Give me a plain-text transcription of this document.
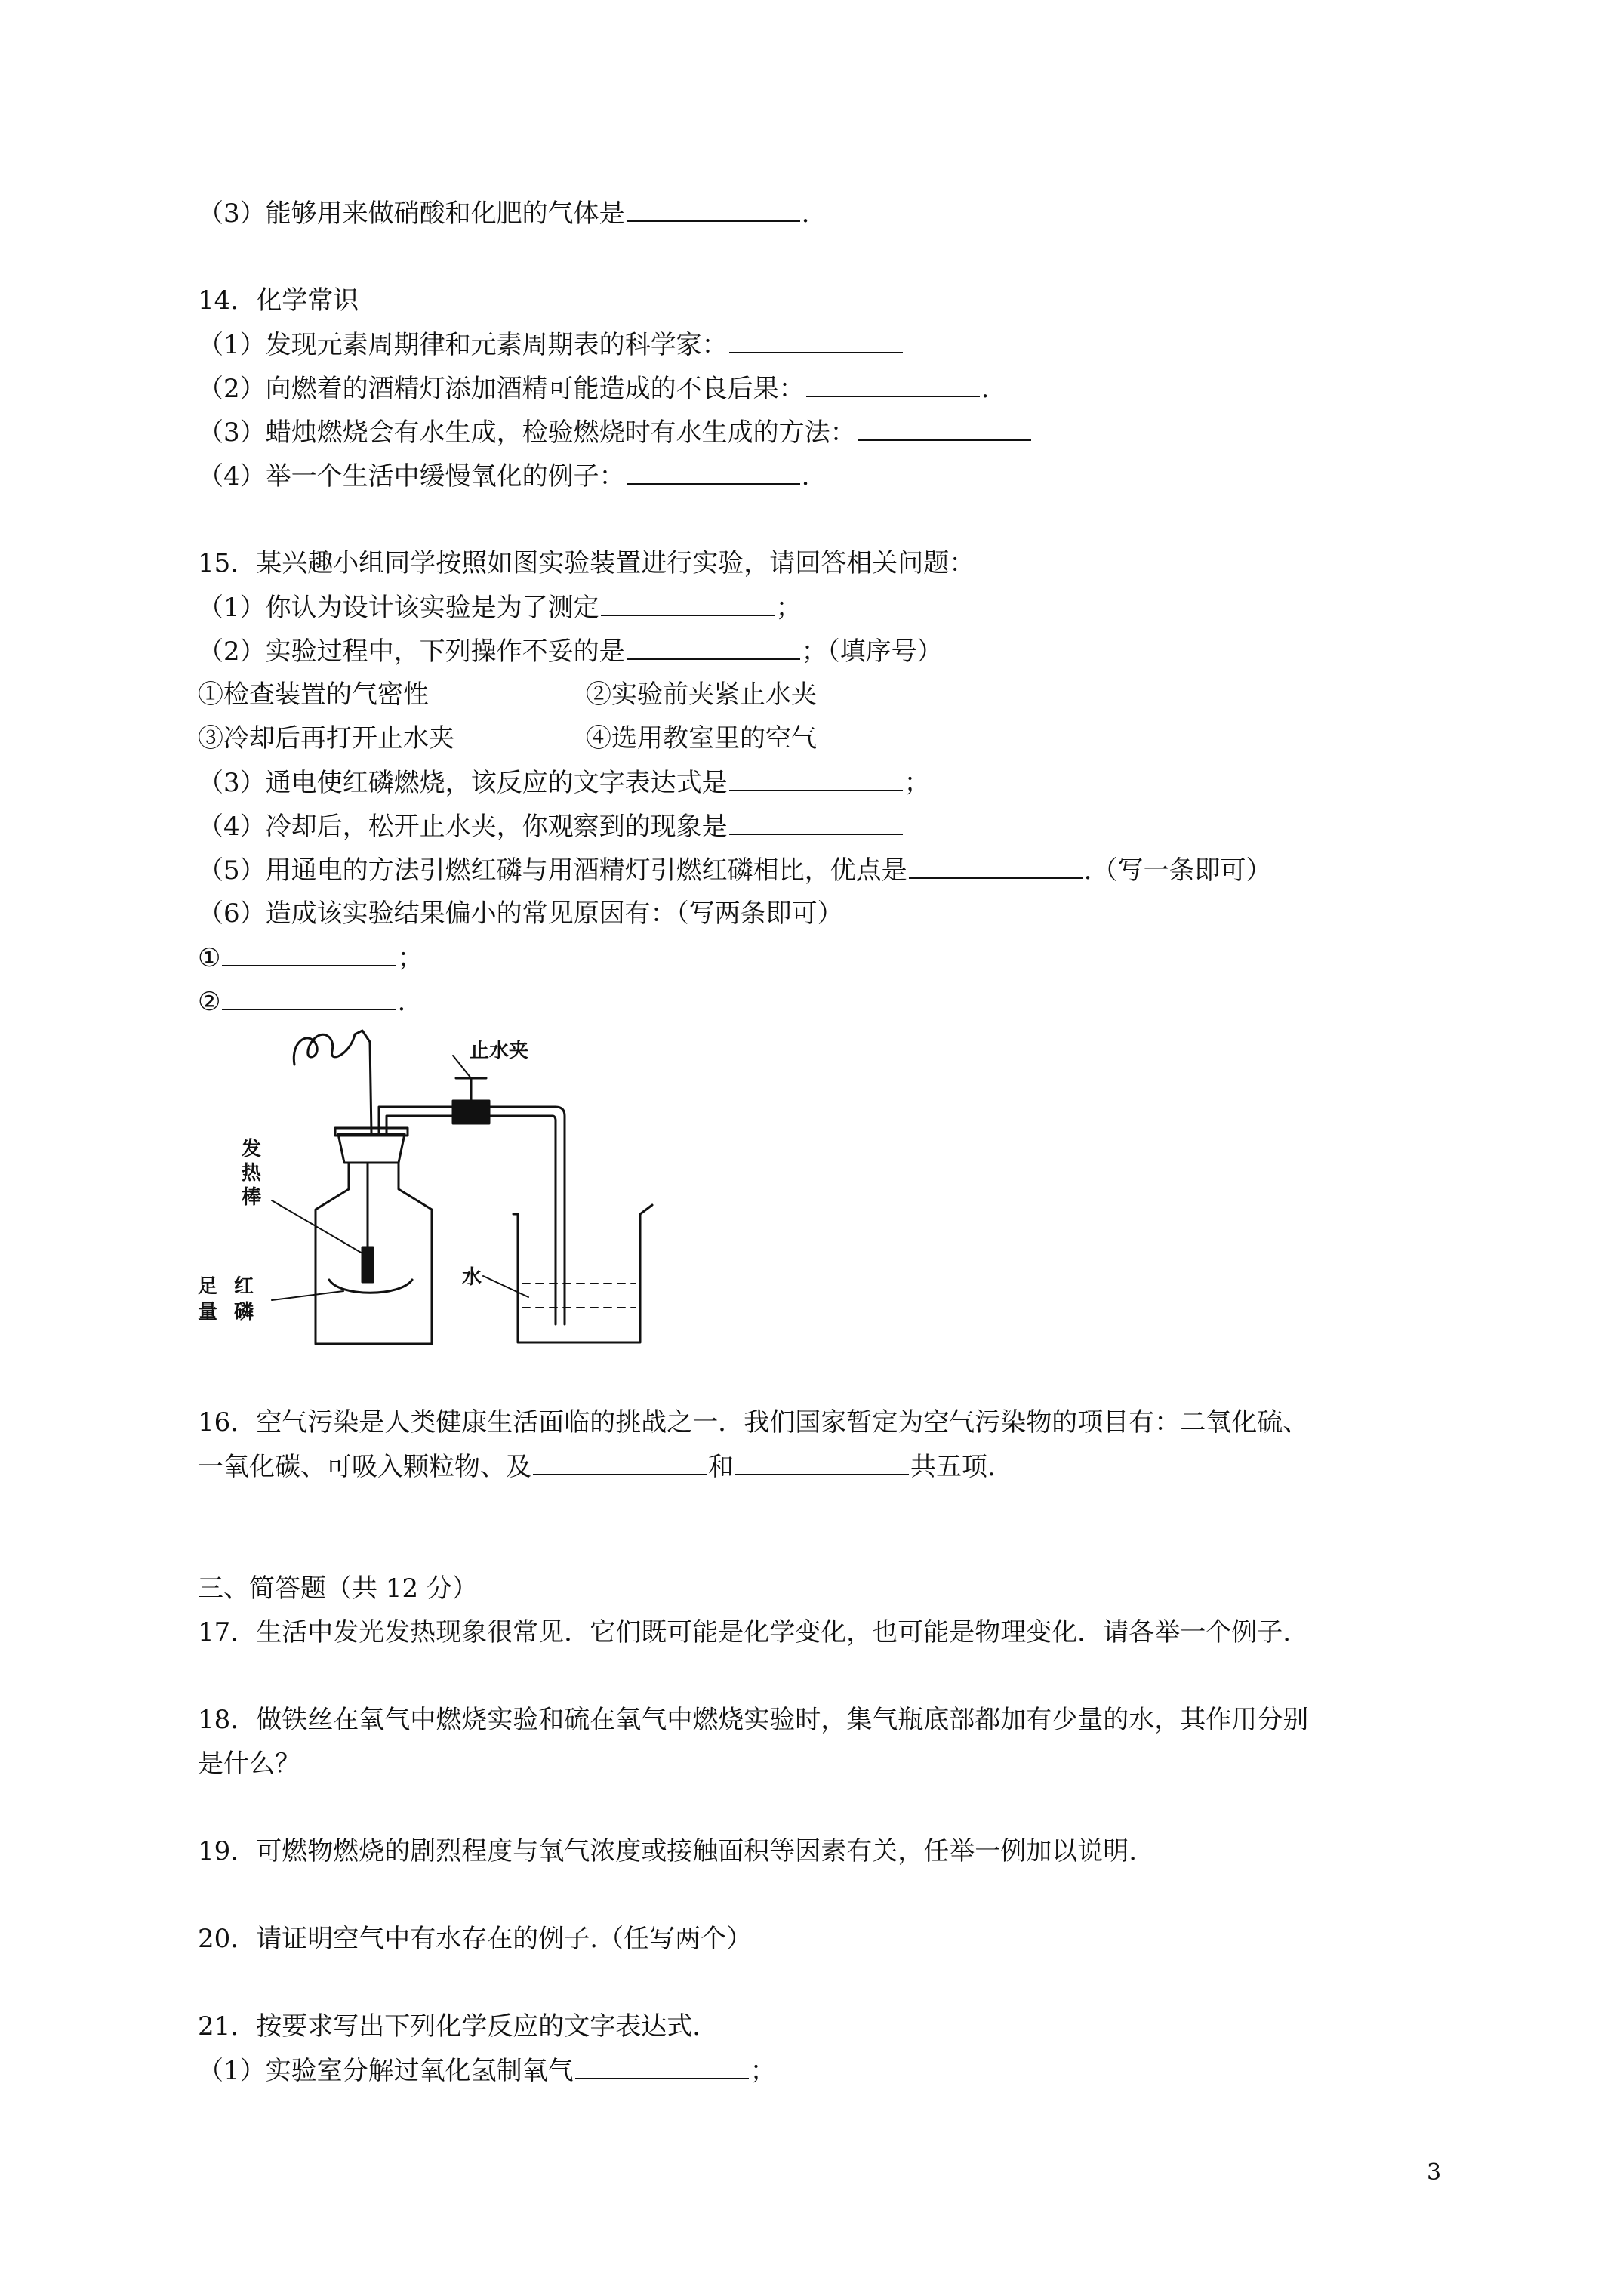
（3）能够用来做硝酸和化肥的气体是	.
14．化学常识
（1）发现元素周期律和元素周期表的科学家：
（2）向燃着的酒精灯添加酒精可能造成的不良后果：	.
（3）蜡烛燃烧会有水生成，检验燃烧时有水生成的方法：
（4）举一个生活中缓慢氧化的例子：	.
15．某兴趣小组同学按照如图实验装置进行实验，请回答相关问题：
（1）你认为设计该实验是为了测定	；
（2）实验过程中，下列操作不妥的是	；（填序号）
①检查装置的气密性	②实验前夹紧止水夹
③冷却后再打开止水夹	④选用教室里的空气
（3）通电使红磷燃烧，该反应的文字表达式是	；
（4）冷却后，松开止水夹，你观察到的现象是
（5）用通电的方法引燃红磷与用酒精灯引燃红磷相比，优点是	.（写一条即可）
（6）造成该实验结果偏小的常见原因有：（写两条即可）
①	；
②	.
止水夹
发
热
棒
足
量
红
磷
水
16．空气污染是人类健康生活面临的挑战之一．我们国家暂定为空气污染物的项目有：二氧化硫、
一氧化碳、可吸入颗粒物、及	和	共五项.
三、简答题（共 12 分）
17．生活中发光发热现象很常见．它们既可能是化学变化，也可能是物理变化．请各举一个例子.
18．做铁丝在氧气中燃烧实验和硫在氧气中燃烧实验时，集气瓶底部都加有少量的水，其作用分别
是什么？
19．可燃物燃烧的剧烈程度与氧气浓度或接触面积等因素有关，任举一例加以说明.
20．请证明空气中有水存在的例子.（任写两个）
21．按要求写出下列化学反应的文字表达式.
（1）实验室分解过氧化氢制氧气	；
3
